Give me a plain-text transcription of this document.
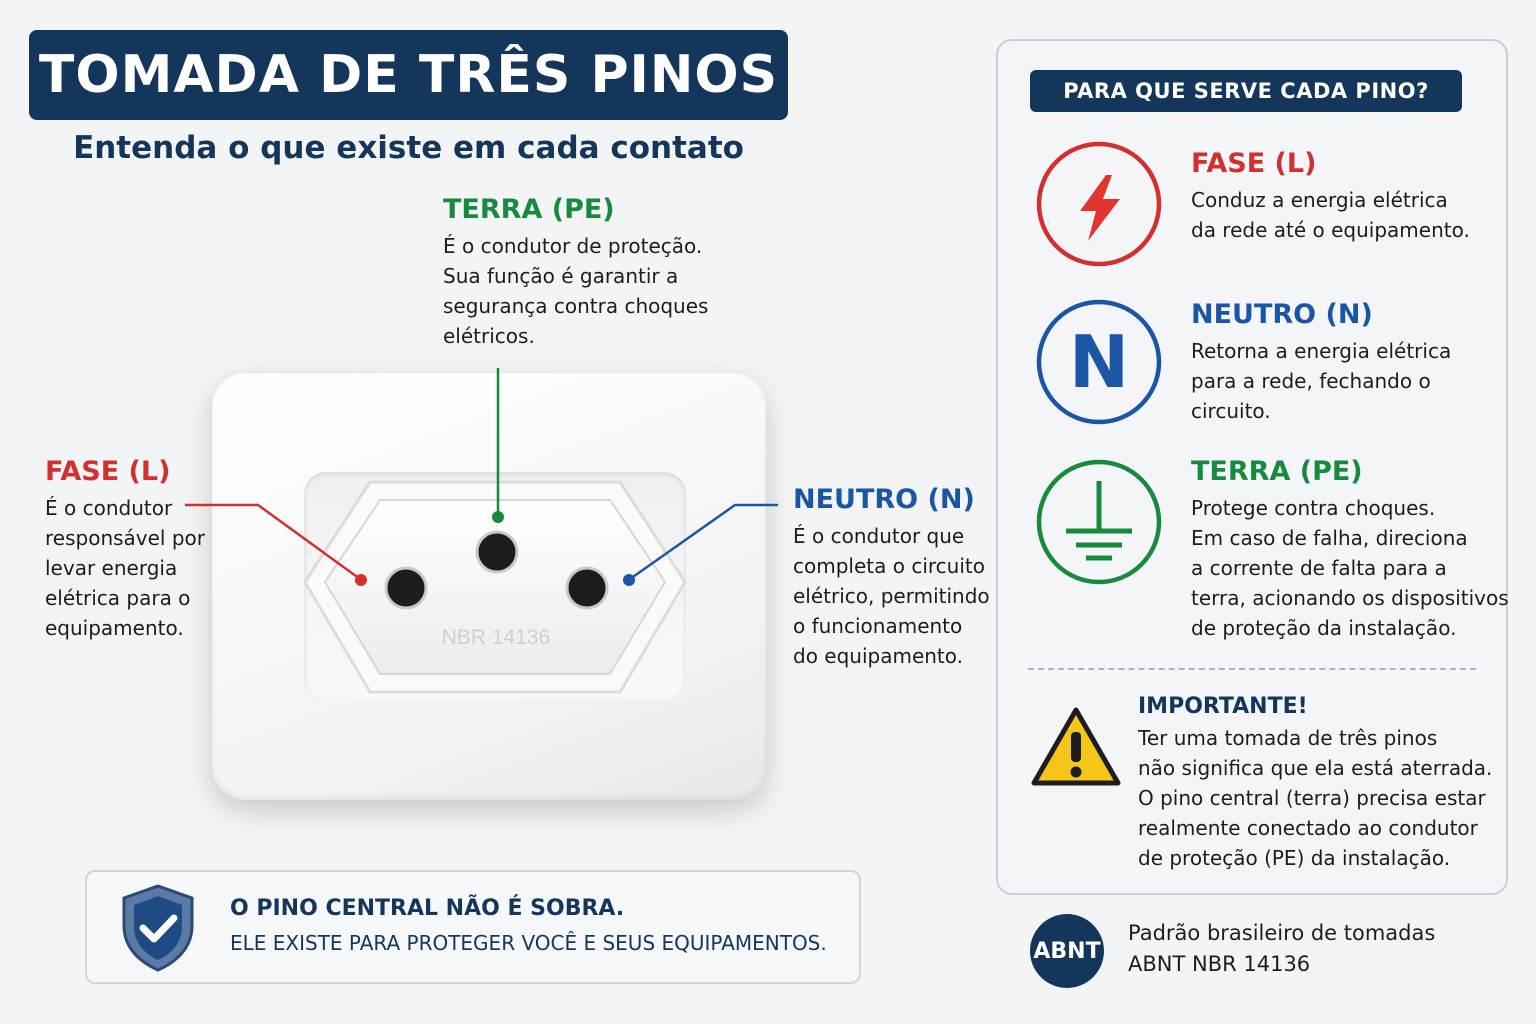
TOMADA DE TRÊS PINOS
Entenda o que existe em cada contato
TERRA (PE)
É o condutor de proteção.
Sua função é garantir a
segurança contra choques
elétricos.
FASE (L)
É o condutor
responsável por
levar energia
elétrica para o
equipamento.
NEUTRO (N)
É o condutor que
completa o circuito
elétrico, permitindo
o funcionamento
do equipamento.
NBR 14136
O PINO CENTRAL NÃO É SOBRA.
ELE EXISTE PARA PROTEGER VOCÊ E SEUS EQUIPAMENTOS.
PARA QUE SERVE CADA PINO?
FASE (L)
Conduz a energia elétrica
da rede até o equipamento.
N
NEUTRO (N)
Retorna a energia elétrica
para a rede, fechando o
circuito.
TERRA (PE)
Protege contra choques.
Em caso de falha, direciona
a corrente de falta para a
terra, acionando os dispositivos
de proteção da instalação.
IMPORTANTE!
Ter uma tomada de três pinos
não significa que ela está aterrada.
O pino central (terra) precisa estar
realmente conectado ao condutor
de proteção (PE) da instalação.
ABNT
Padrão brasileiro de tomadas
ABNT NBR 14136
